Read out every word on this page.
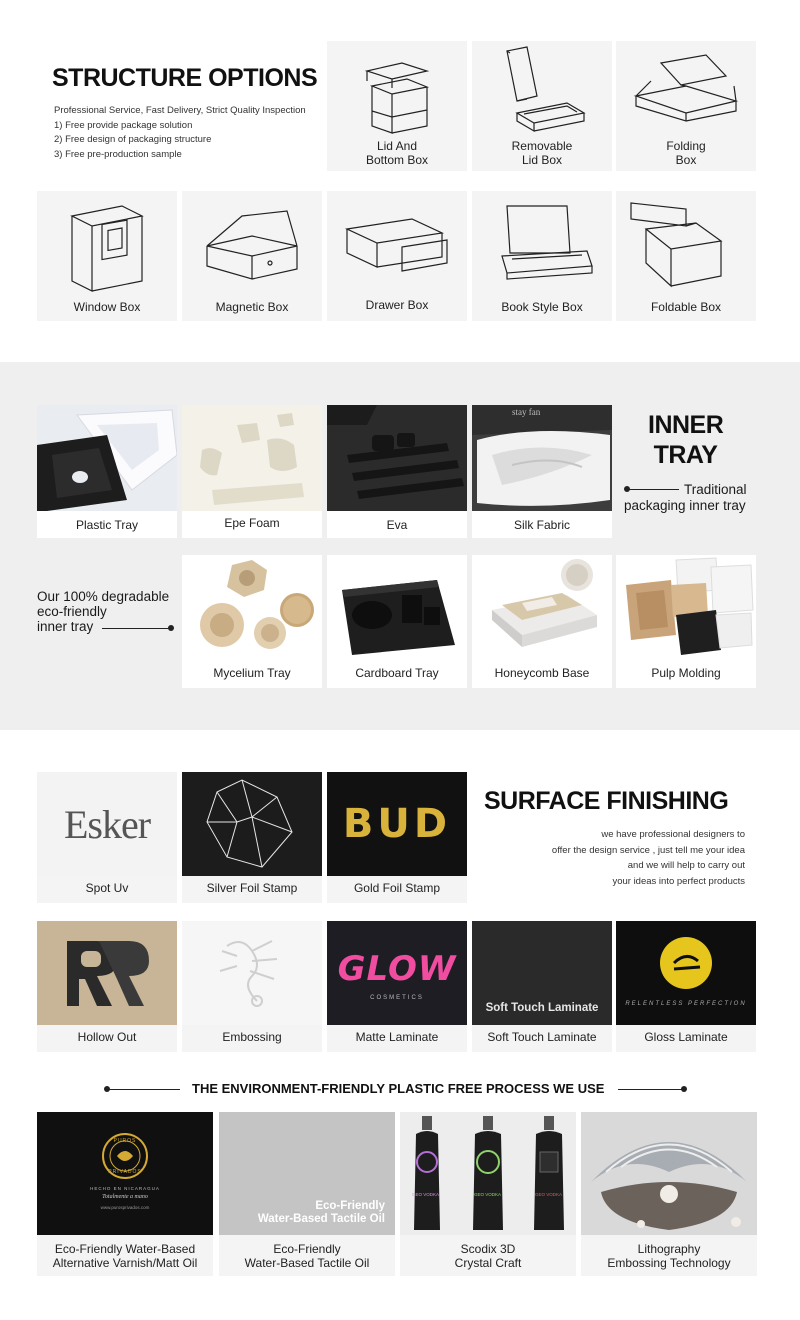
STRUCTURE OPTIONS
Professional Service, Fast Delivery, Strict Quality Inspection
1) Free provide package solution
2) Free design of packaging structure
3) Free pre-production sample
Lid And
Bottom Box
Removable
Lid Box
Folding
Box
Window Box	Magnetic Box	Drawer Box	Book Style Box	Foldable Box
Plastic Tray	Epe Foam	Eva
stay fan
Silk Fabric
INNER
TRAY
Traditional
packaging inner tray
Our 100% degradable
eco-friendly
inner tray
Mycelium Tray	Cardboard Tray	Honeycomb Base	Pulp Molding
Esker
Spot Uv	Silver Foil Stamp
BUD
Gold Foil Stamp
SURFACE FINISHING
we have professional designers to
offer the design service , just tell me your idea
and we will help to carry out
your ideas into perfect products
Hollow Out	Embossing
GLOW
COSMETICS
Matte Laminate
Soft Touch Laminate
Soft Touch Laminate
RELENTLESS PERFECTION
Gloss Laminate
THE ENVIRONMENT-FRIENDLY PLASTIC FREE PROCESS WE USE
PUROS
PRIVADOS
HECHO EN NICARAGUA
Totalmente a mano
www.purosprivados.com
Eco-Friendly Water-Based
Alternative Varnish/Matt Oil
Eco-Friendly
Water-Based Tactile Oil
Eco-Friendly
Water-Based Tactile Oil
GEO VODKA	GEO VODKA	GEO VODKA
Scodix 3D
Crystal Craft
Lithography
Embossing Technology
